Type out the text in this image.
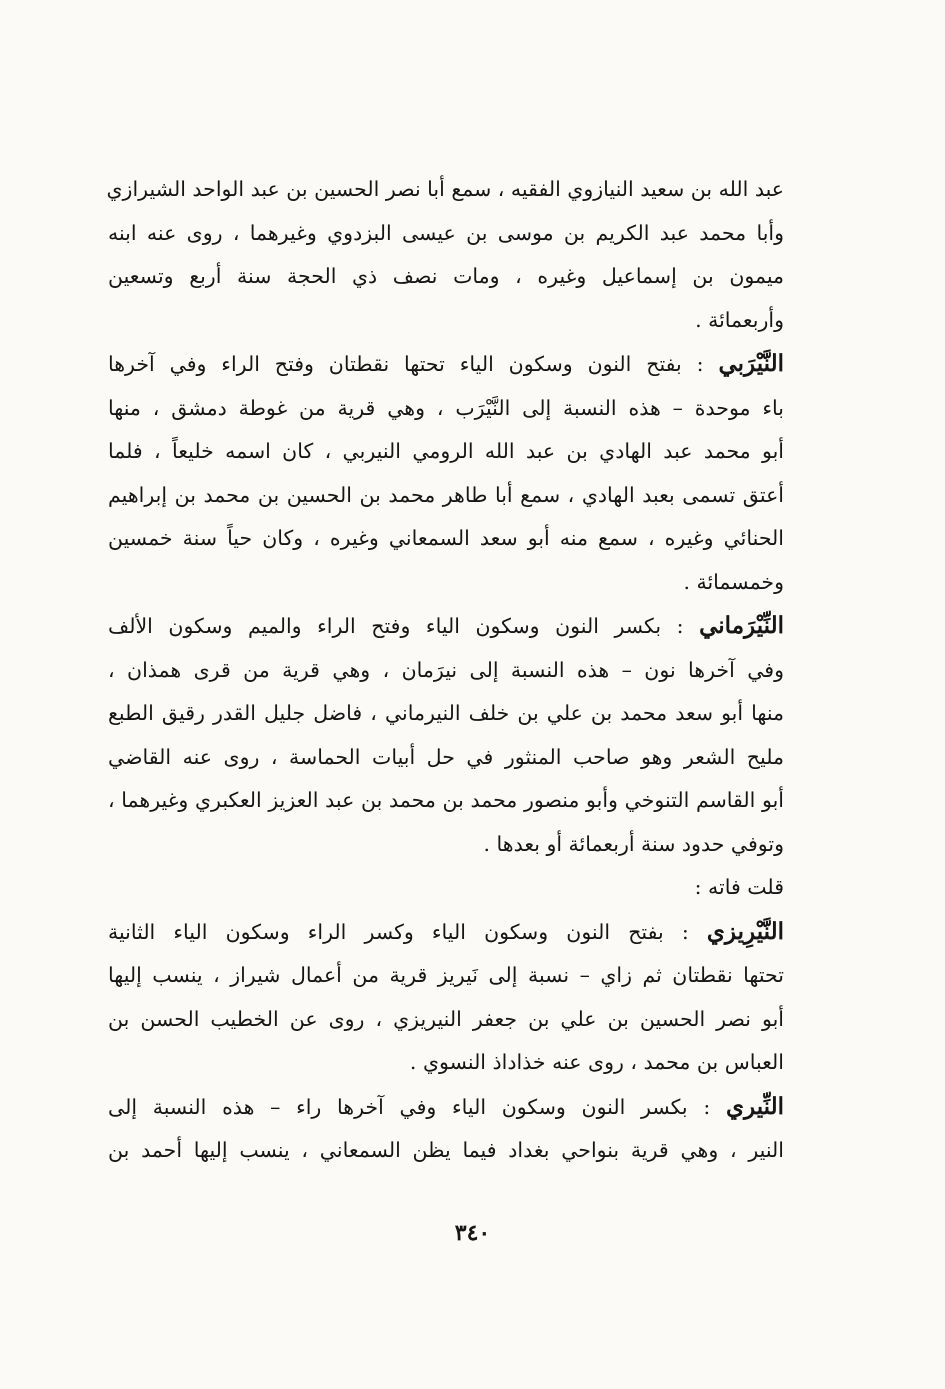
عبد الله بن سعيد النيازوي الفقيه ، سمع أبا نصر الحسين بن عبد الواحد الشيرازي
وأبا محمد عبد الكريم بن موسى بن عيسى البزدوي وغيرهما ، روى عنه ابنه
ميمون بن إسماعيل وغيره ، ومات نصف ذي الحجة سنة أربع وتسعين
وأربعمائة .
النَّيْرَبي : بفتح النون وسكون الياء تحتها نقطتان وفتح الراء وفي آخرها
باء موحدة – هذه النسبة إلى النَّيْرَب ، وهي قرية من غوطة دمشق ، منها
أبو محمد عبد الهادي بن عبد الله الرومي النيربي ، كان اسمه خليعاً ، فلما
أعتق تسمى بعبد الهادي ، سمع أبا طاهر محمد بن الحسين بن محمد بن إبراهيم
الحنائي وغيره ، سمع منه أبو سعد السمعاني وغيره ، وكان حياً سنة خمسين
وخمسمائة .
النِّيْرَماني : بكسر النون وسكون الياء وفتح الراء والميم وسكون الألف
وفي آخرها نون – هذه النسبة إلى نيرَمان ، وهي قرية من قرى همذان ،
منها أبو سعد محمد بن علي بن خلف النيرماني ، فاضل جليل القدر رقيق الطبع
مليح الشعر وهو صاحب المنثور في حل أبيات الحماسة ، روى عنه القاضي
أبو القاسم التنوخي وأبو منصور محمد بن محمد بن عبد العزيز العكبري وغيرهما ،
وتوفي حدود سنة أربعمائة أو بعدها .
قلت فاته :
النَّيْرِيزي : بفتح النون وسكون الياء وكسر الراء وسكون الياء الثانية
تحتها نقطتان ثم زاي – نسبة إلى نَيريز قرية من أعمال شيراز ، ينسب إليها
أبو نصر الحسين بن علي بن جعفر النيريزي ، روى عن الخطيب الحسن بن
العباس بن محمد ، روى عنه خذاداذ النسوي .
النِّيري : بكسر النون وسكون الياء وفي آخرها راء – هذه النسبة إلى
النير ، وهي قرية بنواحي بغداد فيما يظن السمعاني ، ينسب إليها أحمد بن
٣٤٠
